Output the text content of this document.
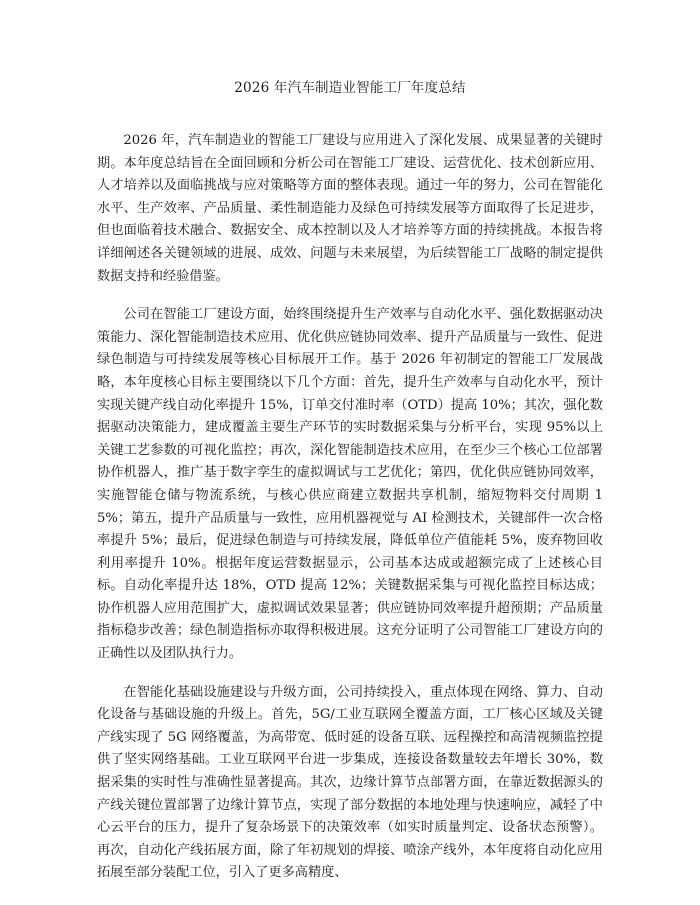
2026 年汽车制造业智能工厂年度总结

2026 年，汽车制造业的智能工厂建设与应用进入了深化发展、成果显著的关键时期。本年度总结旨在全面回顾和分析公司在智能工厂建设、运营优化、技术创新应用、人才培养以及面临挑战与应对策略等方面的整体表现。通过一年的努力，公司在智能化水平、生产效率、产品质量、柔性制造能力及绿色可持续发展等方面取得了长足进步，但也面临着技术融合、数据安全、成本控制以及人才培养等方面的持续挑战。本报告将详细阐述各关键领域的进展、成效、问题与未来展望，为后续智能工厂战略的制定提供数据支持和经验借鉴。

公司在智能工厂建设方面，始终围绕提升生产效率与自动化水平、强化数据驱动决策能力、深化智能制造技术应用、优化供应链协同效率、提升产品质量与一致性、促进绿色制造与可持续发展等核心目标展开工作。基于 2026 年初制定的智能工厂发展战略，本年度核心目标主要围绕以下几个方面：首先，提升生产效率与自动化水平，预计实现关键产线自动化率提升 15%，订单交付准时率（OTD）提高 10%；其次，强化数据驱动决策能力，建成覆盖主要生产环节的实时数据采集与分析平台，实现 95%以上关键工艺参数的可视化监控；再次，深化智能制造技术应用，在至少三个核心工位部署协作机器人，推广基于数字孪生的虚拟调试与工艺优化；第四，优化供应链协同效率，实施智能仓储与物流系统，与核心供应商建立数据共享机制，缩短物料交付周期 15%；第五，提升产品质量与一致性，应用机器视觉与 AI 检测技术，关键部件一次合格率提升 5%；最后，促进绿色制造与可持续发展，降低单位产值能耗 5%，废弃物回收利用率提升 10%。根据年度运营数据显示，公司基本达成或超额完成了上述核心目标。自动化率提升达 18%，OTD 提高 12%；关键数据采集与可视化监控目标达成；协作机器人应用范围扩大，虚拟调试效果显著；供应链协同效率提升超预期；产品质量指标稳步改善；绿色制造指标亦取得积极进展。这充分证明了公司智能工厂建设方向的正确性以及团队执行力。

在智能化基础设施建设与升级方面，公司持续投入，重点体现在网络、算力、自动化设备与基础设施的升级上。首先，5G/工业互联网全覆盖方面，工厂核心区域及关键产线实现了 5G 网络覆盖，为高带宽、低时延的设备互联、远程操控和高清视频监控提供了坚实网络基础。工业互联网平台进一步集成，连接设备数量较去年增长 30%，数据采集的实时性与准确性显著提高。其次，边缘计算节点部署方面，在靠近数据源头的产线关键位置部署了边缘计算节点，实现了部分数据的本地处理与快速响应，减轻了中心云平台的压力，提升了复杂场景下的决策效率（如实时质量判定、设备状态预警）。再次，自动化产线拓展方面，除了年初规划的焊接、喷涂产线外，本年度将自动化应用拓展至部分装配工位，引入了更多高精度、
